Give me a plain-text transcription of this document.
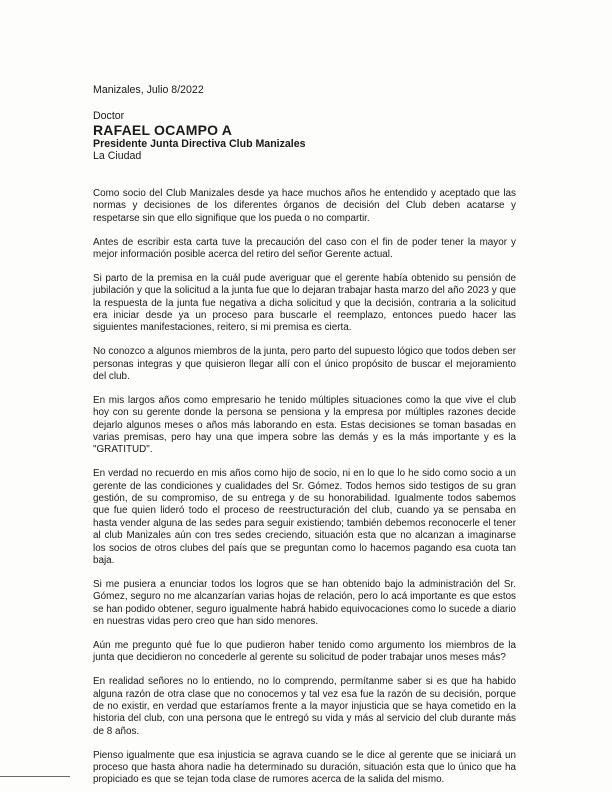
Manizales, Julio 8/2022
Doctor
RAFAEL OCAMPO A
Presidente Junta Directiva Club Manizales
La Ciudad

Como socio del Club Manizales desde ya hace muchos años he entendido y aceptado que las normas y decisiones de los diferentes órganos de decisión del Club deben acatarse y respetarse sin que ello signifique que los pueda o no compartir.

Antes de escribir esta carta tuve la precaución del caso con el fin de poder tener la mayor y mejor información posible acerca del retiro del señor Gerente actual.

Si parto de la premisa en la cuál pude averiguar que el gerente había obtenido su pensión de jubilación y que la solicitud a la junta fue que lo dejaran trabajar hasta marzo del año 2023 y que la respuesta de la junta fue negativa a dicha solicitud y que la decisión, contraria a la solicitud era iniciar desde ya un proceso para buscarle el reemplazo, entonces puedo hacer las siguientes manifestaciones, reitero, si mi premisa es cierta.

No conozco a algunos miembros de la junta, pero parto del supuesto lógico que todos deben ser personas integras y que quisieron llegar allí con el único propósito de buscar el mejoramiento del club.

En mis largos años como empresario he tenido múltiples situaciones como la que vive el club hoy con su gerente donde la persona se pensiona y la empresa por múltiples razones decide dejarlo algunos meses o años más laborando en esta. Estas decisiones se toman basadas en varias premisas, pero hay una que impera sobre las demás y es la más importante y es la "GRATITUD".

En verdad no recuerdo en mis años como hijo de socio, ni en lo que lo he sido como socio a un gerente de las condiciones y cualidades del Sr. Gómez. Todos hemos sido testigos de su gran gestión, de su compromiso, de su entrega y de su honorabilidad. Igualmente todos sabemos que fue quien lideró todo el proceso de reestructuración del club, cuando ya se pensaba en hasta vender alguna de las sedes para seguir existiendo; también debemos reconocerle el tener al club Manizales aún con tres sedes creciendo, situación esta que no alcanzan a imaginarse los socios de otros clubes del país que se preguntan como lo hacemos pagando esa cuota tan baja.

Si me pusiera a enunciar todos los logros que se han obtenido bajo la administración del Sr. Gómez, seguro no me alcanzarían varias hojas de relación, pero lo acá importante es que estos se han podido obtener, seguro igualmente habrá habido equivocaciones como lo sucede a diario en nuestras vidas pero creo que han sido menores.

Aún me pregunto qué fue lo que pudieron haber tenido como argumento los miembros de la junta que decidieron no concederle al gerente su solicitud de poder trabajar unos meses más?

En realidad señores no lo entiendo, no lo comprendo, permítanme saber si es que ha habido alguna razón de otra clase que no conocemos y tal vez esa fue la razón de su decisión, porque de no existir, en verdad que estaríamos frente a la mayor injusticia que se haya cometido en la historia del club, con una persona que le entregó su vida y más al servicio del club durante más de 8 años.

Pienso igualmente que esa injusticia se agrava cuando se le dice al gerente que se iniciará un proceso que hasta ahora nadie ha determinado su duración, situación esta que lo único que ha propiciado es que se tejan toda clase de rumores acerca de la salida del mismo.
